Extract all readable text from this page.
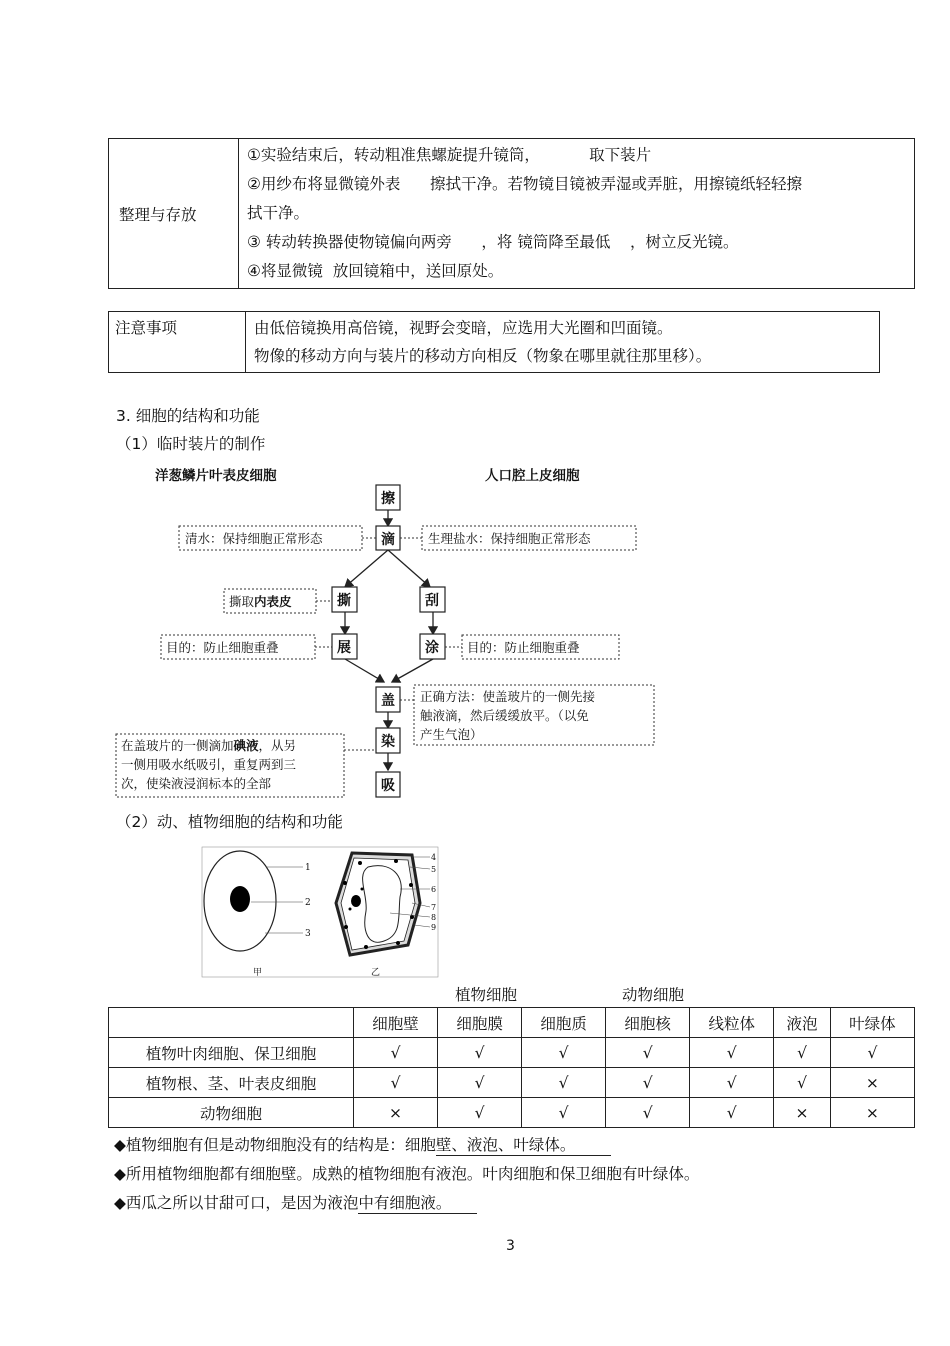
整理与存放	
①实验结束后，转动粗准焦螺旋提升镜筒，          取下装片
②用纱布将显微镜外表      擦拭干净。若物镜目镜被弄湿或弄脏，用擦镜纸轻轻擦
拭干净。
③ 转动转换器使物镜偏向两旁      ，将 镜筒降至最低    ，树立反光镜。
④将显微镜  放回镜箱中，送回原处。
注意事项	由低倍镜换用高倍镜，视野会变暗，应选用大光圈和凹面镜。
物像的移动方向与装片的移动方向相反（物象在哪里就往那里移）。
3. 细胞的结构和功能
（1）临时装片的制作
洋葱鳞片叶表皮细胞	人口腔上皮细胞
擦
滴
撕	刮
展	涂
盖
染
吸
清水：保持细胞正常形态	生理盐水：保持细胞正常形态
撕取内表皮
目的：防止细胞重叠	目的：防止细胞重叠
正确方法：使盖玻片的一侧先接
触液滴，然后缓缓放平。（以免
产生气泡）
在盖玻片的一侧滴加碘液，从另
一侧用吸水纸吸引，重复两到三
次，使染液浸润标本的全部
（2）动、植物细胞的结构和功能
1
2
3
甲	乙
4
5
6
7
8
9
植物细胞	动物细胞
	细胞壁	细胞膜	细胞质	细胞核	线粒体	液泡	叶绿体
植物叶肉细胞、保卫细胞	√	√	√	√	√	√	√
植物根、茎、叶表皮细胞	√	√	√	√	√	√	×
动物细胞	×	√	√	√	√	×	×
◆植物细胞有但是动物细胞没有的结构是：细胞壁、液泡、叶绿体。
◆所用植物细胞都有细胞壁。成熟的植物细胞有液泡。叶肉细胞和保卫细胞有叶绿体。
◆西瓜之所以甘甜可口，是因为液泡中有细胞液。
3
